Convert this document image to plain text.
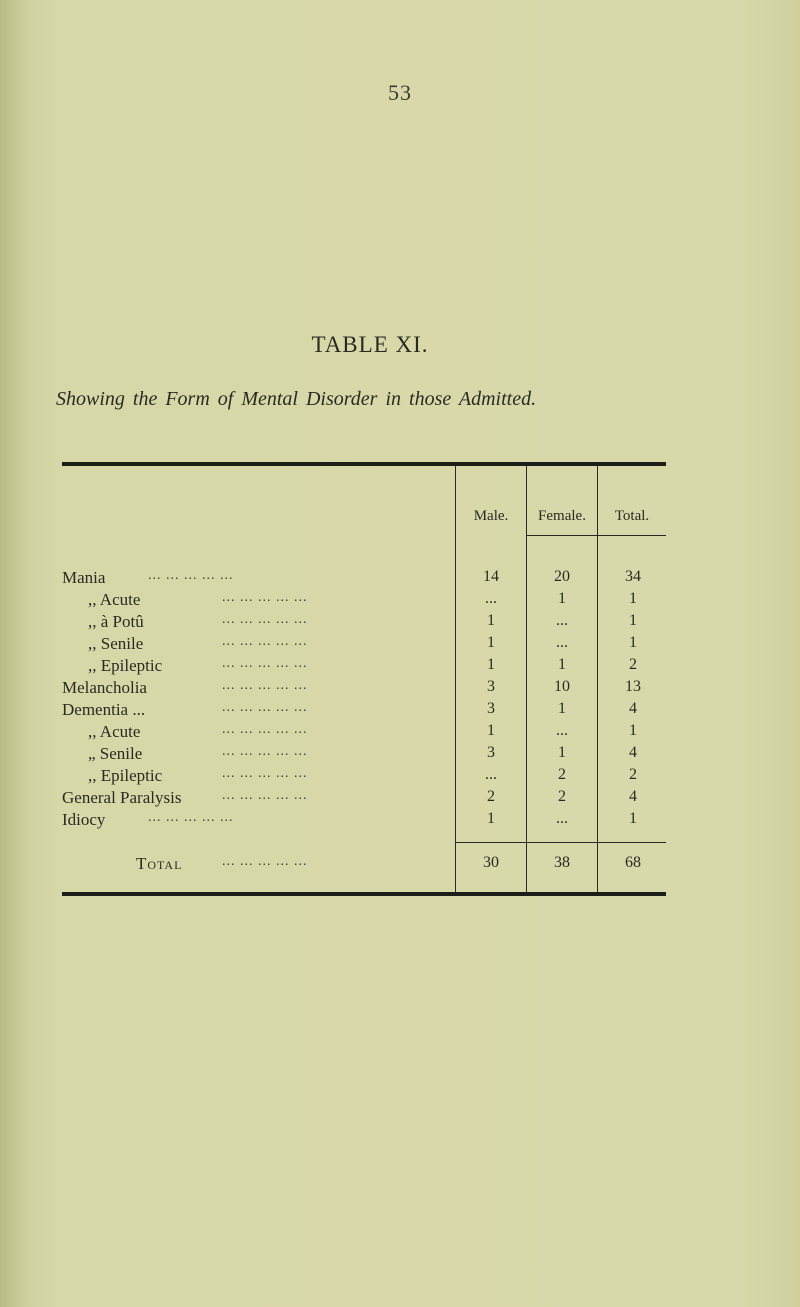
53
TABLE XI.
Showing the Form of Mental Disorder in those Admitted.
Male.	Female.	Total.
Mania	... ... ... ... ...	14	20	34
,, Acute	... ... ... ... ...	...	1	1
,, à Potû	... ... ... ... ...	1	...	1
,, Senile	... ... ... ... ...	1	...	1
,, Epileptic	... ... ... ... ...	1	1	2
Melancholia	... ... ... ... ...	3	10	13
Dementia ...	... ... ... ... ...	3	1	4
,, Acute	... ... ... ... ...	1	...	1
„ Senile	... ... ... ... ...	3	1	4
,, Epileptic	... ... ... ... ...	...	2	2
General Paralysis	... ... ... ... ...	2	2	4
Idiocy	... ... ... ... ...	1	...	1
Total	... ... ... ... ...	30	38	68
